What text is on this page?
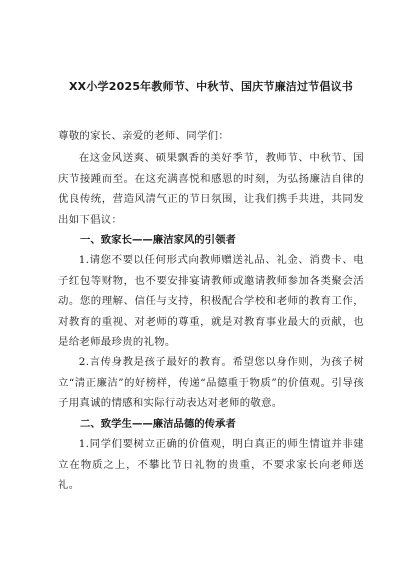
XX小学2025年教师节、中秋节、国庆节廉洁过节倡议书

尊敬的家长、亲爱的老师、同学们：

在这金风送爽、硕果飘香的美好季节，教师节、中秋节、国庆节接踵而至。在这充满喜悦和感恩的时刻，为弘扬廉洁自律的优良传统，营造风清气正的节日氛围，让我们携手共进，共同发出如下倡议：

一、致家长——廉洁家风的引领者

1.请您不要以任何形式向教师赠送礼品、礼金、消费卡、电子红包等财物，也不要安排宴请教师或邀请教师参加各类聚会活动。您的理解、信任与支持，积极配合学校和老师的教育工作，对教育的重视、对老师的尊重，就是对教育事业最大的贡献，也是给老师最珍贵的礼物。

2.言传身教是孩子最好的教育。希望您以身作则，为孩子树立“清正廉洁”的好榜样，传递“品德重于物质”的价值观。引导孩子用真诚的情感和实际行动表达对老师的敬意。

二、致学生——廉洁品德的传承者

1.同学们要树立正确的价值观，明白真正的师生情谊并非建立在物质之上，不攀比节日礼物的贵重，不要求家长向老师送礼。
